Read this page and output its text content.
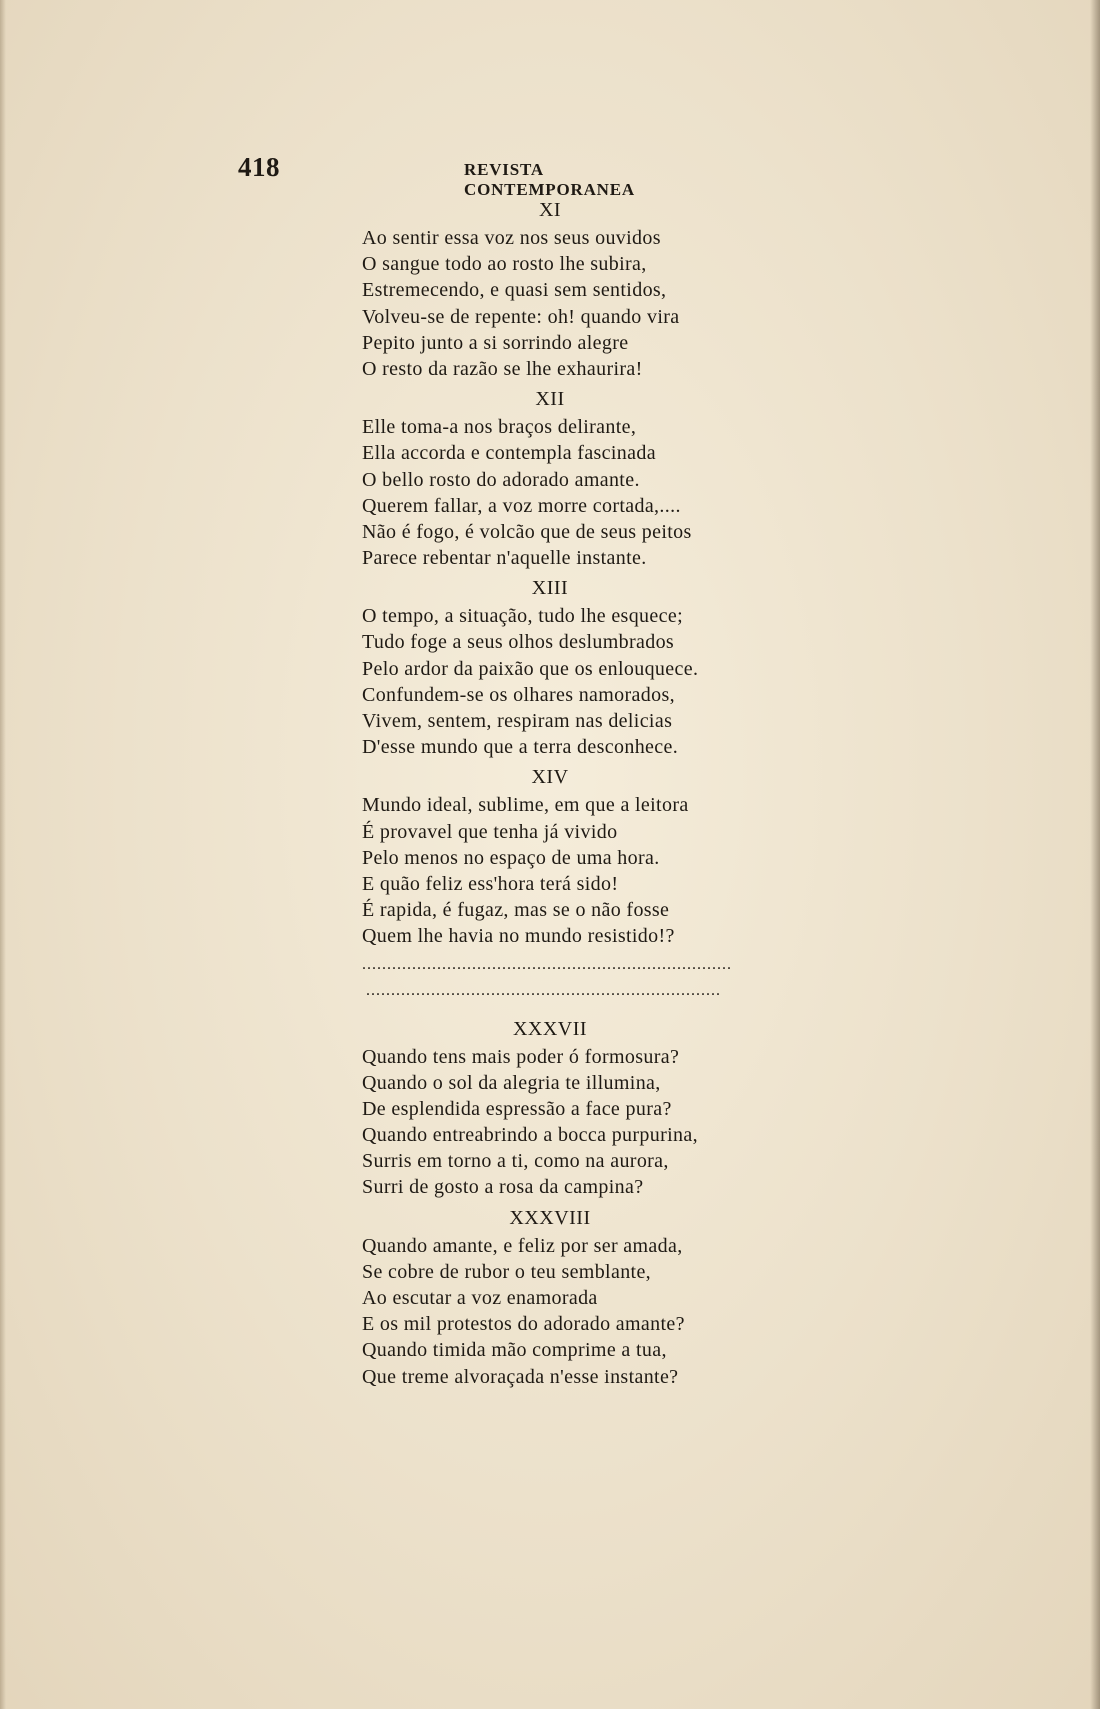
418	REVISTA CONTEMPORANEA
XI
Ao sentir essa voz nos seus ouvidos
O sangue todo ao rosto lhe subira,
Estremecendo, e quasi sem sentidos,
Volveu-se de repente: oh! quando vira
Pepito junto a si sorrindo alegre
O resto da razão se lhe exhaurira!
XII
Elle toma-a nos braços delirante,
Ella accorda e contempla fascinada
O bello rosto do adorado amante.
Querem fallar, a voz morre cortada,....
Não é fogo, é volcão que de seus peitos
Parece rebentar n'aquelle instante.
XIII
O tempo, a situação, tudo lhe esquece;
Tudo foge a seus olhos deslumbrados
Pelo ardor da paixão que os enlouquece.
Confundem-se os olhares namorados,
Vivem, sentem, respiram nas delicias
D'esse mundo que a terra desconhece.
XIV
Mundo ideal, sublime, em que a leitora
É provavel que tenha já vivido
Pelo menos no espaço de uma hora.
E quão feliz ess'hora terá sido!
É rapida, é fugaz, mas se o não fosse
Quem lhe havia no mundo resistido!?
..........................................................................
.......................................................................
XXXVII
Quando tens mais poder ó formosura?
Quando o sol da alegria te illumina,
De esplendida espressão a face pura?
Quando entreabrindo a bocca purpurina,
Surris em torno a ti, como na aurora,
Surri de gosto a rosa da campina?
XXXVIII
Quando amante, e feliz por ser amada,
Se cobre de rubor o teu semblante,
Ao escutar a voz enamorada
E os mil protestos do adorado amante?
Quando timida mão comprime a tua,
Que treme alvoraçada n'esse instante?
